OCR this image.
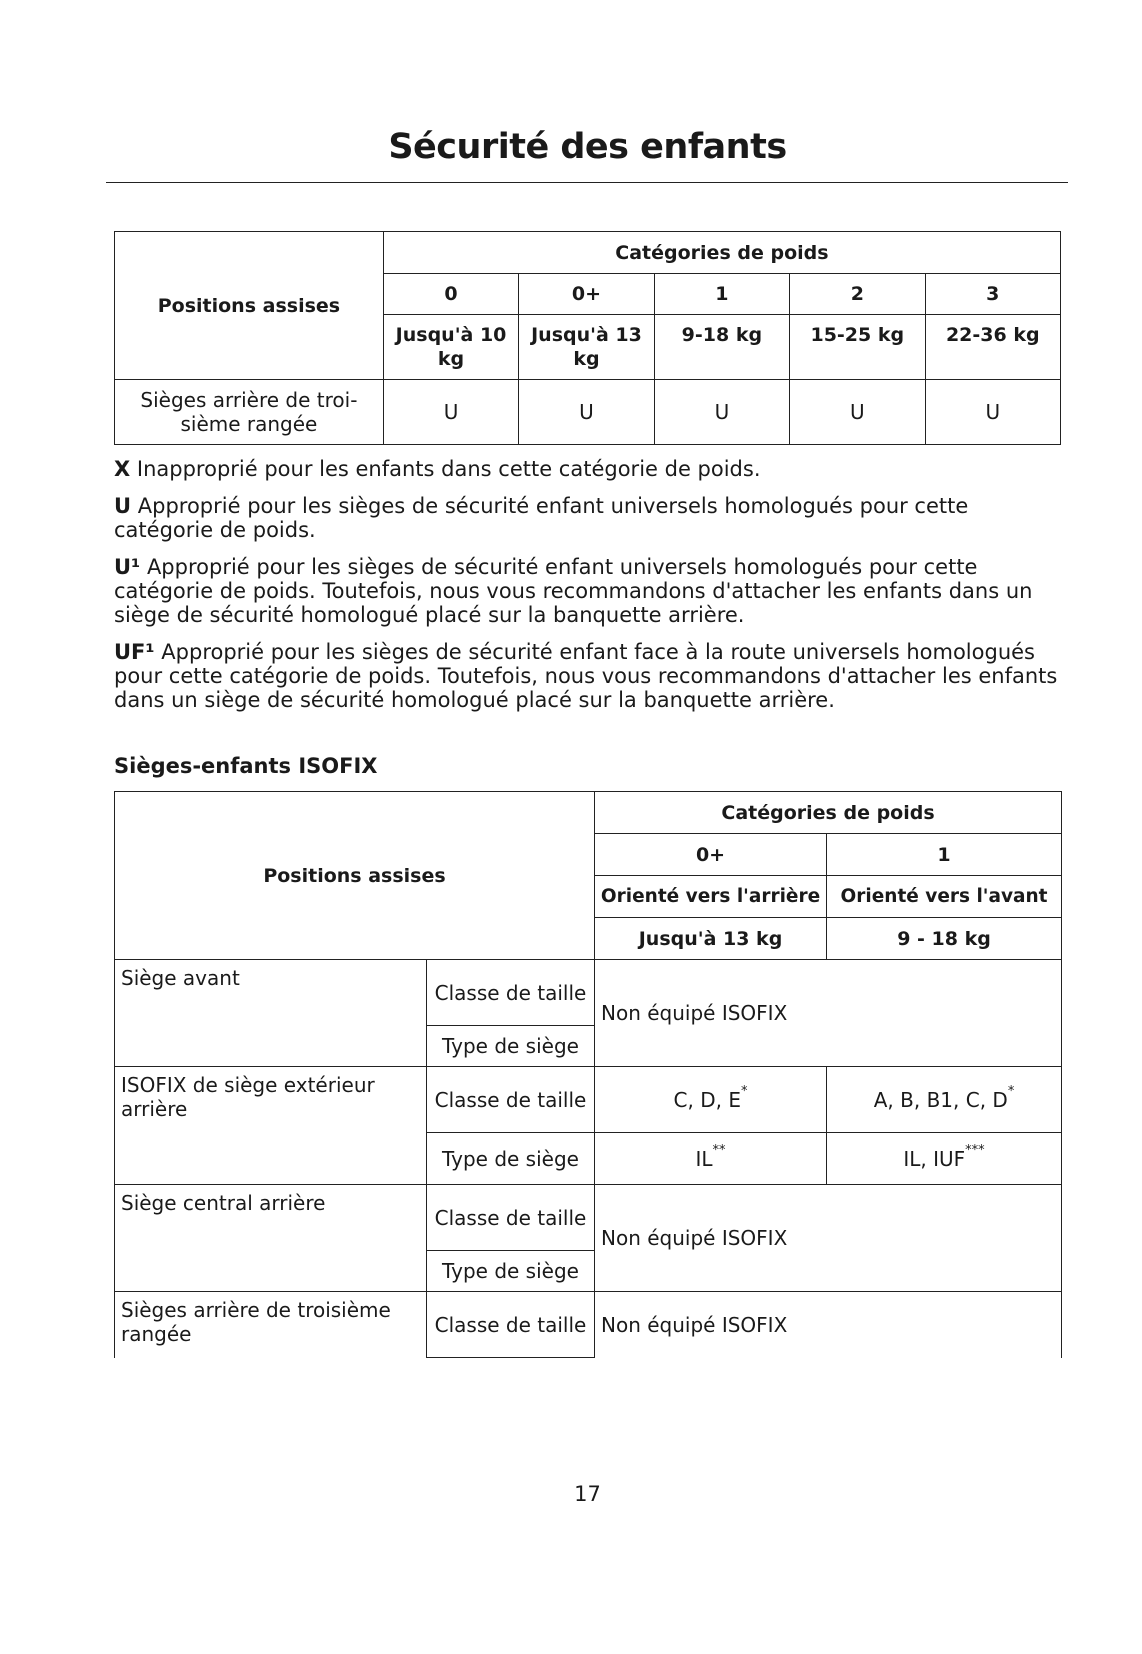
Sécurité des enfants
Positions assises	Catégories de poids				
	0	0+	1	2	3
	Jusqu'à 10 kg	Jusqu'à 13 kg	9-18 kg	15-25 kg	22-36 kg
Sièges arrière de troi-sième rangée	U	U	U	U	U
X Inapproprié pour les enfants dans cette catégorie de poids.
U Approprié pour les sièges de sécurité enfant universels homologués pour cette catégorie de poids.
U¹ Approprié pour les sièges de sécurité enfant universels homologués pour cette catégorie de poids. Toutefois, nous vous recommandons d'attacher les enfants dans un siège de sécurité homologué placé sur la banquette arrière.
UF¹ Approprié pour les sièges de sécurité enfant face à la route universels homologués pour cette catégorie de poids. Toutefois, nous vous recommandons d'attacher les enfants dans un siège de sécurité homologué placé sur la banquette arrière.
Sièges-enfants ISOFIX
Positions assises		Catégories de poids	
		0+	1
		Orienté vers l'arrière	Orienté vers l'avant
		Jusqu'à 13 kg	9 - 18 kg
Siège avant	Classe de taille	Non équipé ISOFIX	
	Type de siège		
ISOFIX de siège extérieur arrière	Classe de taille	C, D, E*	A, B, B1, C, D*
	Type de siège	IL**	IL, IUF***
Siège central arrière	Classe de taille	Non équipé ISOFIX	
	Type de siège		
Sièges arrière de troisième rangée	Classe de taille	Non équipé ISOFIX	
17
